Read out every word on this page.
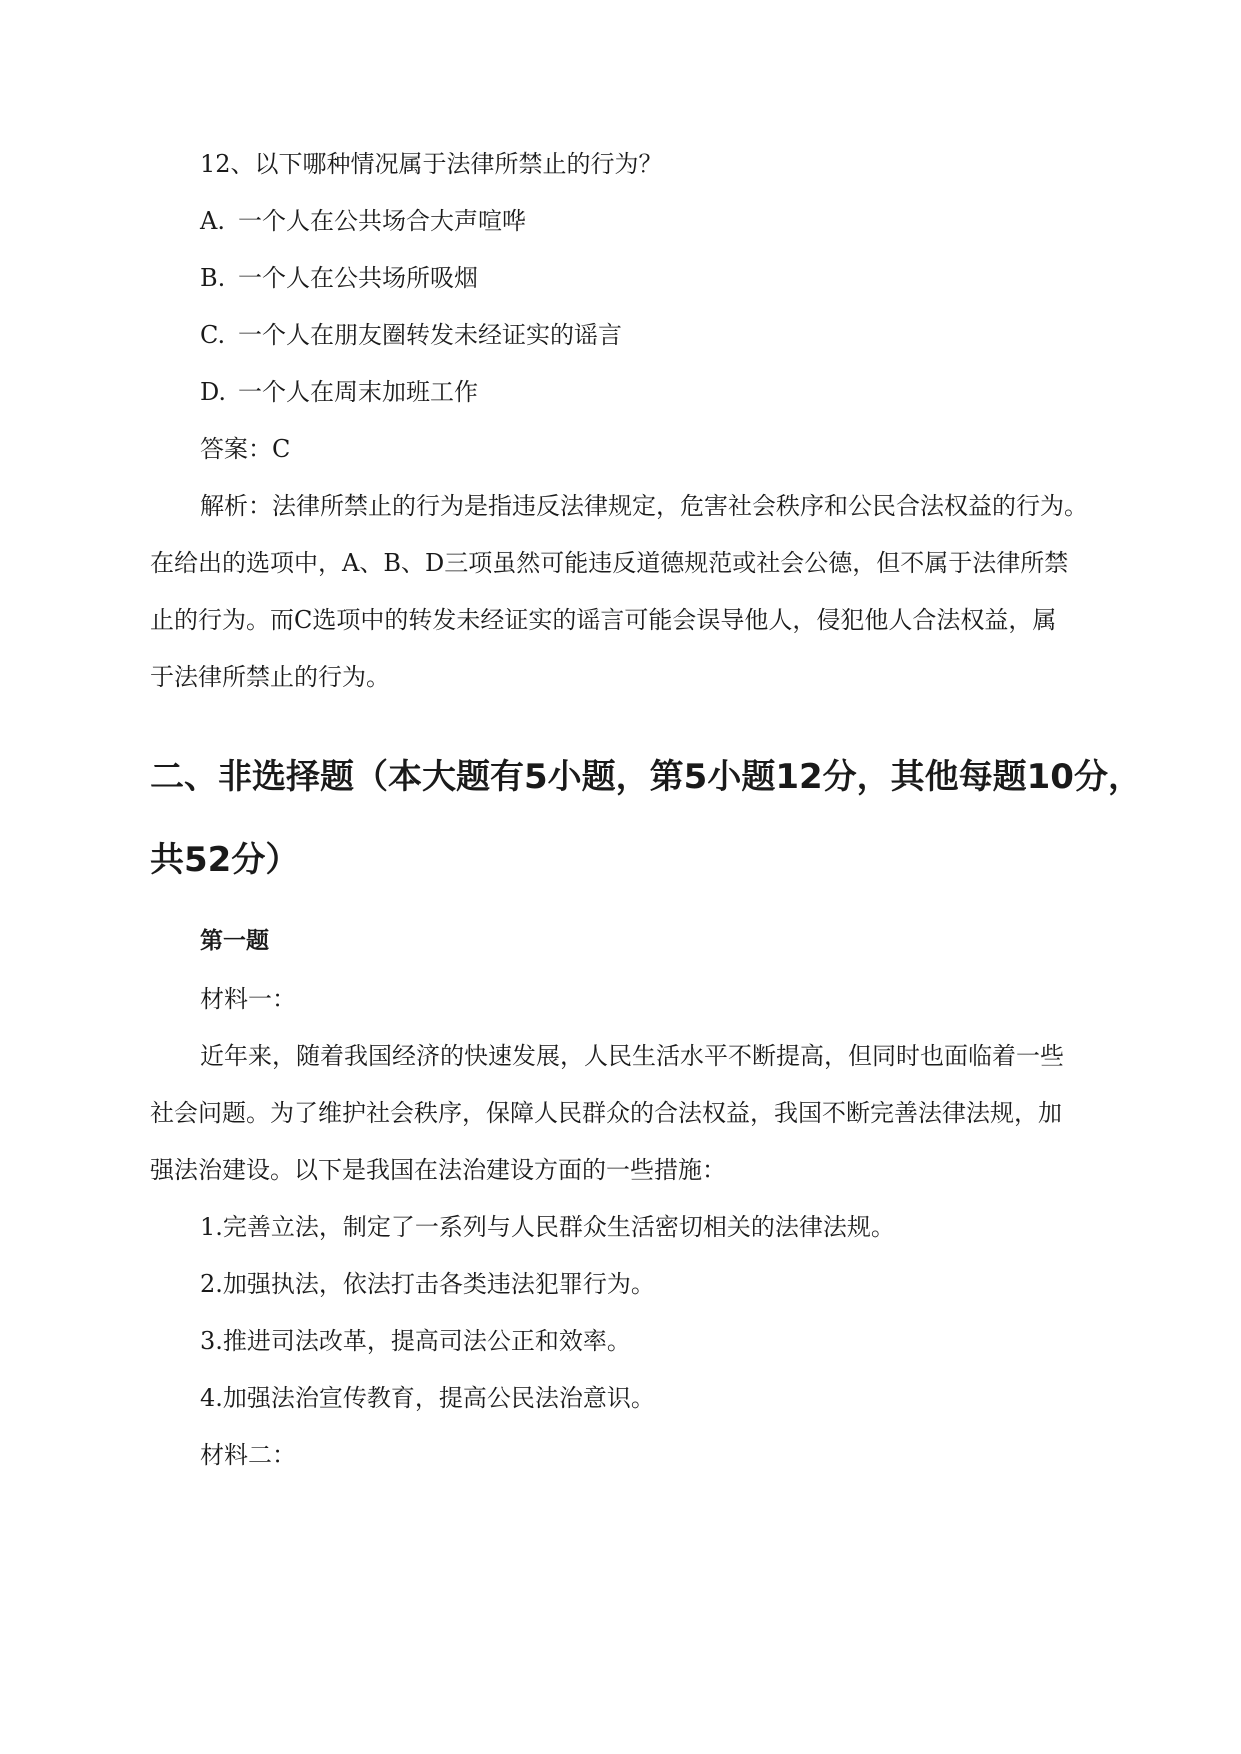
12、以下哪种情况属于法律所禁止的行为？
A. 一个人在公共场合大声喧哗
B. 一个人在公共场所吸烟
C. 一个人在朋友圈转发未经证实的谣言
D. 一个人在周末加班工作
答案：C
解析：法律所禁止的行为是指违反法律规定，危害社会秩序和公民合法权益的行为。
在给出的选项中，A、B、D三项虽然可能违反道德规范或社会公德，但不属于法律所禁
止的行为。而C选项中的转发未经证实的谣言可能会误导他人，侵犯他人合法权益，属
于法律所禁止的行为。
二、非选择题（本大题有5小题，第5小题12分，其他每题10分，
共52分）
第一题
材料一：
近年来，随着我国经济的快速发展，人民生活水平不断提高，但同时也面临着一些
社会问题。为了维护社会秩序，保障人民群众的合法权益，我国不断完善法律法规，加
强法治建设。以下是我国在法治建设方面的一些措施：
1.完善立法，制定了一系列与人民群众生活密切相关的法律法规。
2.加强执法，依法打击各类违法犯罪行为。
3.推进司法改革，提高司法公正和效率。
4.加强法治宣传教育，提高公民法治意识。
材料二：
